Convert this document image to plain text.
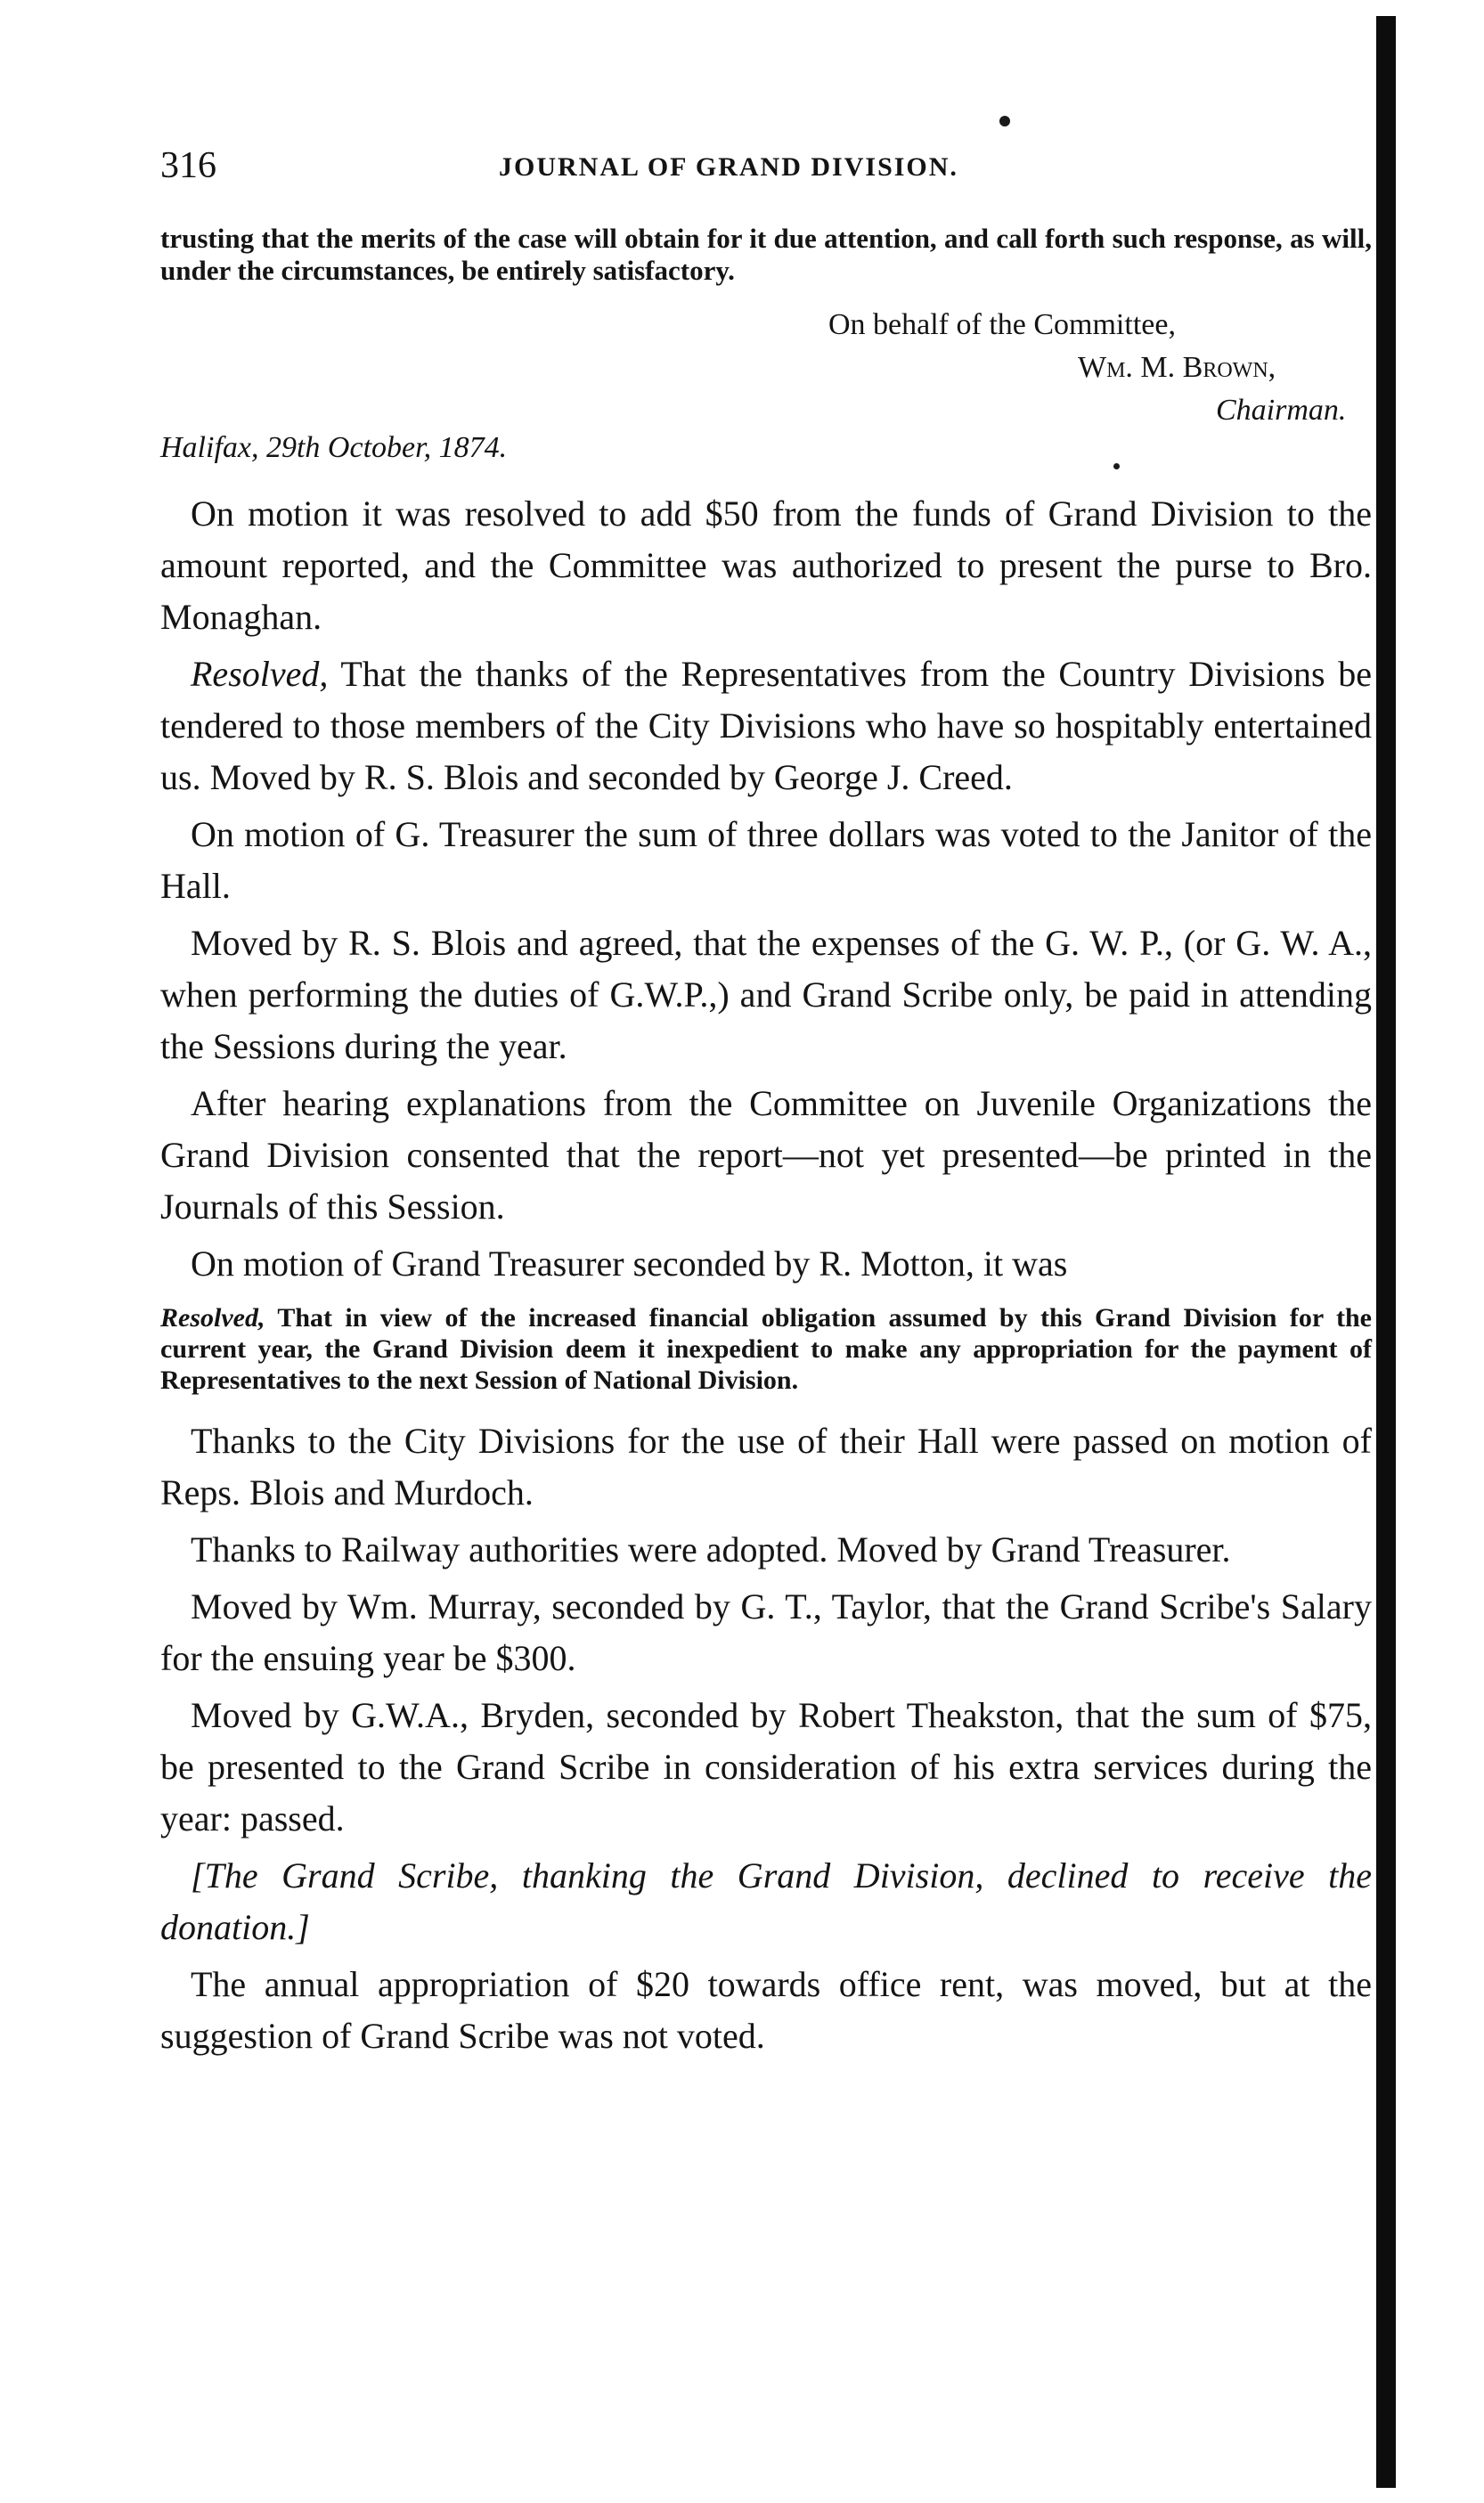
316	JOURNAL OF GRAND DIVISION.
trusting that the merits of the case will obtain for it due attention, and call forth such response, as will, under the circumstances, be entirely satisfactory.
On behalf of the Committee,
Wm. M. Brown,
Chairman.
Halifax, 29th October, 1874.

On motion it was resolved to add $50 from the funds of Grand Division to the amount reported, and the Committee was authorized to present the purse to Bro. Monaghan.

Resolved, That the thanks of the Representatives from the Country Divisions be tendered to those members of the City Divisions who have so hospitably entertained us. Moved by R. S. Blois and seconded by George J. Creed.

On motion of G. Treasurer the sum of three dollars was voted to the Janitor of the Hall.

Moved by R. S. Blois and agreed, that the expenses of the G. W. P., (or G. W. A., when performing the duties of G.W.P.,) and Grand Scribe only, be paid in attending the Sessions during the year.

After hearing explanations from the Committee on Juvenile Organizations the Grand Division consented that the report—not yet presented—be printed in the Journals of this Session.

On motion of Grand Treasurer seconded by R. Motton, it was

Resolved, That in view of the increased financial obligation assumed by this Grand Division for the current year, the Grand Division deem it inexpedient to make any appropriation for the payment of Representatives to the next Session of National Division.

Thanks to the City Divisions for the use of their Hall were passed on motion of Reps. Blois and Murdoch.

Thanks to Railway authorities were adopted. Moved by Grand Treasurer.

Moved by Wm. Murray, seconded by G. T., Taylor, that the Grand Scribe's Salary for the ensuing year be $300.

Moved by G.W.A., Bryden, seconded by Robert Theakston, that the sum of $75, be presented to the Grand Scribe in consideration of his extra services during the year: passed.

[The Grand Scribe, thanking the Grand Division, declined to receive the donation.]

The annual appropriation of $20 towards office rent, was moved, but at the suggestion of Grand Scribe was not voted.
